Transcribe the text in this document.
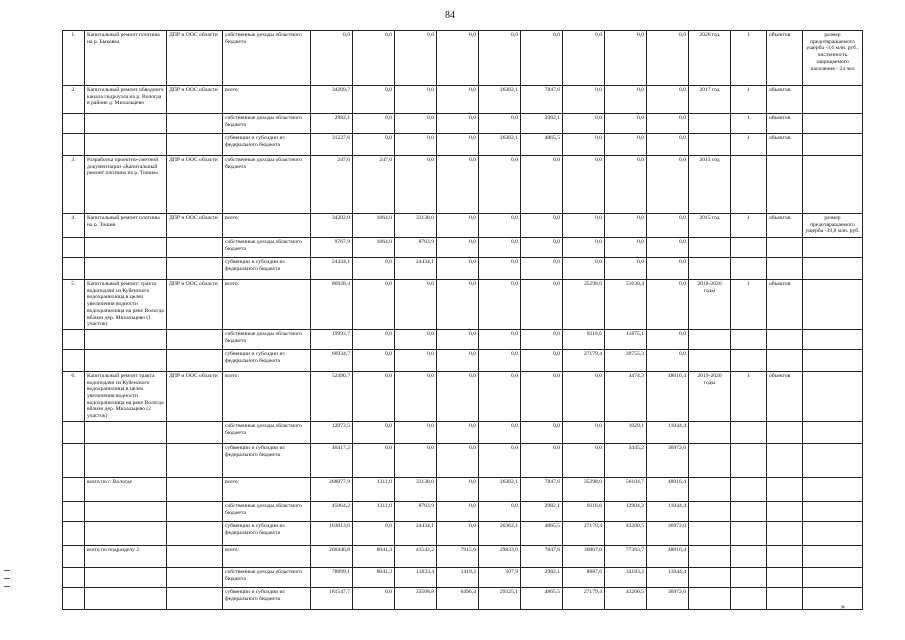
84
1.	Капитальный ремонт плотины на р. Быковка	ДПР и ООС области	собственные доходы областного бюджета	0,0	0,0	0,0	0,0	0,0	0,0	0,0	0,0	0,0	2020 год	1	объектов	размер предотвращаемого ущерба -3,6 млн. руб., численность защищаемого населения - 24 чел
2.	Капитальный ремонт обводного канала гидроузла на р. Вологда в районе д. Михальцево	ДПР и ООС области	всего:	34209,7	0,0	0,0	0,0	26362,1	7847,6	0,0	0,0	0,0	2017 год	1	объектов	
			собственные доходы областного бюджета	2982,1	0,0	0,0	0,0	0,0	2982,1	0,0	0,0	0,0		1	объектов	
			субвенции и субсидии из федерального бюджета	31227,6	0,0	0,0	0,0	26362,1	4865,5	0,0	0,0	0,0		1	объектов	
3.	Разработка проектно-сметной документации «Капитальный ремонт плотины на р. Тошня»	ДПР и ООС области	собственные доходы областного бюджета	247,0	247,0	0,0	0,0	0,0	0,0	0,0	0,0	0,0	2013 год			
4.	Капитальный ремонт плотины на р. Тошня	ДПР и ООС области	всего:	34202,0	1064,0	33138,0	0,0	0,0	0,0	0,0	0,0	0,0	2015 год	1	объектов	размер предотвращаемого ущерба -39,8 млн. руб.
			собственные доходы областного бюджета	9767,9	1064,0	8703,9	0,0	0,0	0,0	0,0	0,0	0,0				
			субвенции и субсидии из федерального бюджета	24434,1	0,0	24434,1	0,0	0,0	0,0	0,0	0,0	0,0				
5.	Капитальный ремонт: тракта водоподачи из Кубенского водохранилища в целях увеличения водности водохранилища на реке Вологда вблизи дер. Михальцево (1 участок)	ДПР и ООС области	всего:	86928,4	0,0	0,0	0,0	0,0	0,0	35298,0	51630,4	0,0	2018-2020 годы	1	объектов	
			собственные доходы областного бюджета	19993,7	0,0	0,0	0,0	0,0	0,0	8118,6	11875,1	0,0				
			субвенции и субсидии из федерального бюджета	66934,7	0,0	0,0	0,0	0,0	0,0	27179,4	39755,3	0,0				
6.	Капитальный ремонт тракта водоподачи из Кубенского водохранилища в целях увеличения водности водохранилища на реке Вологда вблизи дер. Михальцево (2 участок)	ДПР и ООС области	всего:	52490,7	0,0	0,0	0,0	0,0	0,0	0,0	4474,3	48016,4	2019-2020 годы	1	объектов	
			собственные доходы областного бюджета	12073,5	0,0	0,0	0,0	0,0	0,0	0,0	1029,1	11044,4				
			субвенции и субсидии из федерального бюджета	40417,2	0,0	0,0	0,0	0,0	0,0	0,0	3445,2	36972,0				
	всего по г. Вологде		всего:	208077,9	1311,0	33138,0	0,0	26362,1	7847,6	35298,0	56104,7	48016,4				
			собственные доходы областного бюджета	45064,2	1311,0	8703,9	0,0	0,0	2982,1	8118,6	12904,2	11044,4				
			субвенции и субсидии из федерального бюджета	163013,6	0,0	24434,1	0,0	26362,1	4865,5	27179,4	43200,5	36972,0				
	всего по подразделу 2		всего:	260446,8	8041,3	41542,2	7915,6	29833,0	7847,6	36067,0	77383,7	48016,4				
			собственные доходы областного бюджета	78899,1	8041,3	11833,4	1419,2	507,9	2982,1	8887,6	34183,2	11044,4				
			субвенции и субсидии из федерального бюджета	181547,7	0,0	33508,8	6496,4	29325,1	4865,5	27179,4	43200,5	36972,0				
»
